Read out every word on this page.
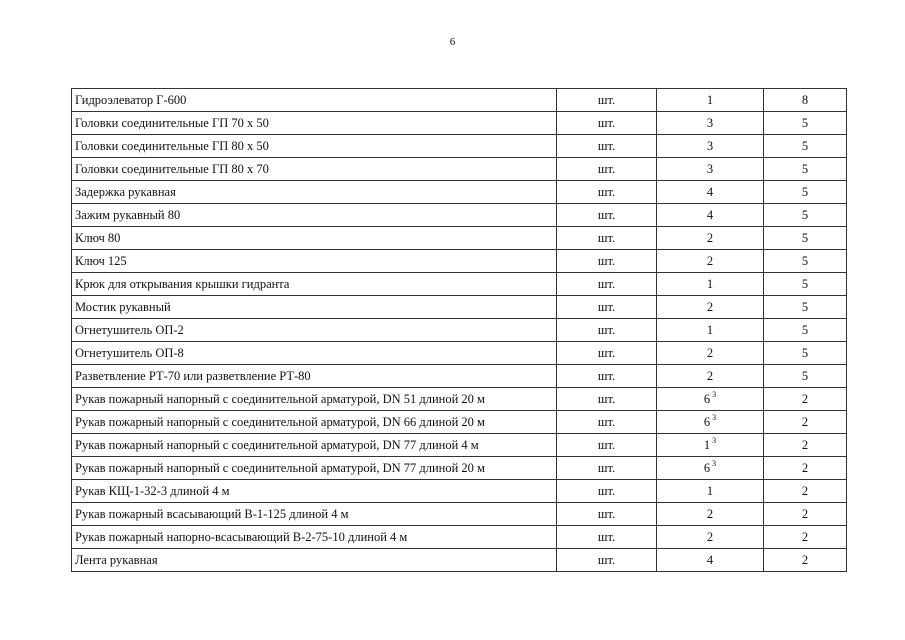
6
Гидроэлеватор Г-600	шт.	1	8
Головки соединительные ГП 70 х 50	шт.	3	5
Головки соединительные ГП 80 х 50	шт.	3	5
Головки соединительные ГП 80 х 70	шт.	3	5
Задержка рукавная	шт.	4	5
Зажим рукавный 80	шт.	4	5
Ключ 80	шт.	2	5
Ключ 125	шт.	2	5
Крюк для открывания крышки гидранта	шт.	1	5
Мостик рукавный	шт.	2	5
Огнетушитель ОП-2	шт.	1	5
Огнетушитель ОП-8	шт.	2	5
Разветвление РТ-70 или разветвление РТ-80	шт.	2	5
Рукав пожарный напорный с соединительной арматурой, DN 51 длиной 20 м	шт.	6 $^3$	2
Рукав пожарный напорный с соединительной арматурой, DN 66 длиной 20 м	шт.	6 $^3$	2
Рукав пожарный напорный с соединительной арматурой, DN 77 длиной 4 м	шт.	1 $^3$	2
Рукав пожарный напорный с соединительной арматурой, DN 77 длиной 20 м	шт.	6 $^3$	2
Рукав КЩ-1-32-3 длиной 4 м	шт.	1	2
Рукав пожарный всасывающий В-1-125 длиной 4 м	шт.	2	2
Рукав пожарный напорно-всасывающий В-2-75-10 длиной 4 м	шт.	2	2
Лента рукавная	шт.	4	2
